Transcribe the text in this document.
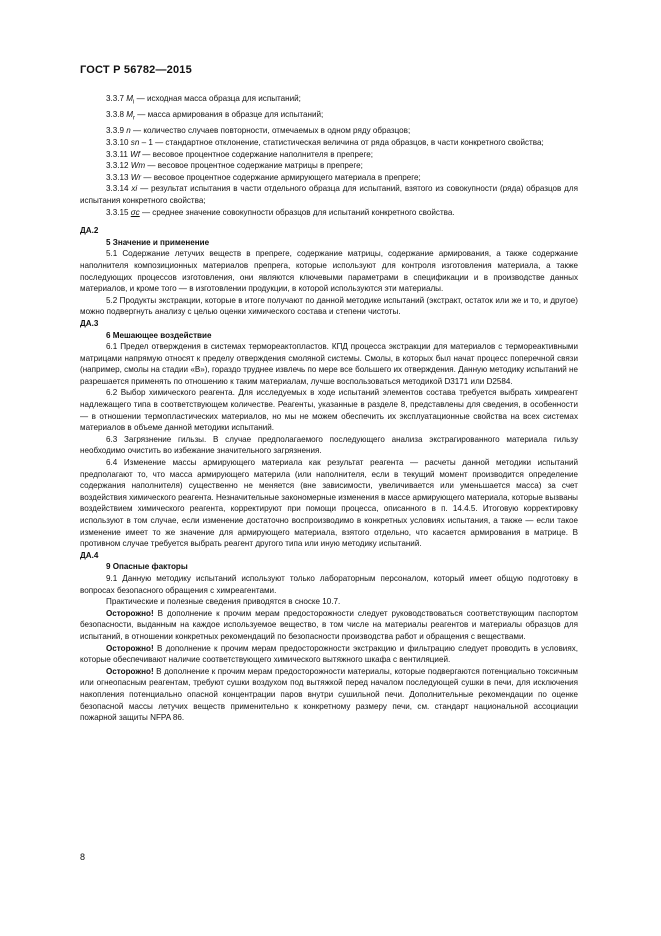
ГОСТ Р 56782—2015

3.3.7 $M_i$ — исходная масса образца для испытаний;

3.3.8 $M_r$ — масса армирования в образце для испытаний;

3.3.9 n — количество случаев повторности, отмечаемых в одном ряду образцов;

3.3.10 sn – 1 — стандартное отклонение, статистическая величина от ряда образцов, в части конкретного свойства;

3.3.11 Wf — весовое процентное содержание наполнителя в препреге;

3.3.12 Wm — весовое процентное содержание матрицы в препреге;

3.3.13 Wr — весовое процентное содержание армирующего материала в препреге;

3.3.14 xi — результат испытания в части отдельного образца для испытаний, взятого из совокупности (ряда) образцов для испытания конкретного свойства;

3.3.15 σc — среднее значение совокупности образцов для испытаний конкретного свойства.

ДА.2

5 Значение и применение

5.1 Содержание летучих веществ в препреге, содержание матрицы, содержание армирования, а также содержание наполнителя композиционных материалов препрега, которые используют для контроля изготовления материала, а также последующих процессов изготовления, они являются ключевыми параметрами в спецификации и в производстве данных материалов, и кроме того — в изготовлении продукции, в которой используются эти материалы.

5.2 Продукты экстракции, которые в итоге получают по данной методике испытаний (экстракт, остаток или же и то, и другое) можно подвергнуть анализу с целью оценки химического состава и степени чистоты.

ДА.3

6 Мешающее воздействие

6.1 Предел отверждения в системах термореактопластов. КПД процесса экстракции для материалов с термореактивными матрицами напрямую относят к пределу отверждения смоляной системы. Смолы, в которых был начат процесс поперечной связи (например, смолы на стадии «В»), гораздо труднее извлечь по мере все большего их отверждения. Данную методику испытаний не разрешается применять по отношению к таким материалам, лучше воспользоваться методикой D3171 или D2584.

6.2 Выбор химического реагента. Для исследуемых в ходе испытаний элементов состава требуется выбрать химреагент надлежащего типа в соответствующем количестве. Реагенты, указанные в разделе 8, представлены для сведения, в особенности — в отношении термопластических материалов, но мы не можем обеспечить их эксплуатационные свойства на всех системах материалов в объеме данной методики испытаний.

6.3 Загрязнение гильзы. В случае предполагаемого последующего анализа экстрагированного материала гильзу необходимо очистить во избежание значительного загрязнения.

6.4 Изменение массы армирующего материала как результат реагента — расчеты данной методики испытаний предполагают то, что масса армирующего материла (или наполнителя, если в текущий момент производится определение содержания наполнителя) существенно не меняется (вне зависимости, увеличивается или уменьшается масса) за счет воздействия химического реагента. Незначительные закономерные изменения в массе армирующего материала, которые вызваны воздействием химического реагента, корректируют при помощи процесса, описанного в п. 14.4.5. Итоговую корректировку используют в том случае, если изменение достаточно воспроизводимо в конкретных условиях испытания, а также — если такое изменение имеет то же значение для армирующего материала, взятого отдельно, что касается армирования в матрице. В противном случае требуется выбрать реагент другого типа или иную методику испытаний.

ДА.4

9 Опасные факторы

9.1 Данную методику испытаний используют только лабораторным персоналом, который имеет общую подготовку в вопросах безопасного обращения с химреагентами.

Практические и полезные сведения приводятся в сноске 10.7.

Осторожно! В дополнение к прочим мерам предосторожности следует руководствоваться соответствующим паспортом безопасности, выданным на каждое используемое вещество, в том числе на материалы реагентов и материалы образцов для испытаний, в отношении конкретных рекомендаций по безопасности производства работ и обращения с веществами.

Осторожно! В дополнение к прочим мерам предосторожности экстракцию и фильтрацию следует проводить в условиях, которые обеспечивают наличие соответствующего химического вытяжного шкафа с вентиляцией.

Осторожно! В дополнение к прочим мерам предосторожности материалы, которые подвергаются потенциально токсичным или огнеопасным реагентам, требуют сушки воздухом под вытяжкой перед началом последующей сушки в печи, для исключения накопления потенциально опасной концентрации паров внутри сушильной печи. Дополнительные рекомендации по оценке безопасной массы летучих веществ применительно к конкретному размеру печи, см. стандарт национальной ассоциации пожарной защиты NFPA 86.

8
